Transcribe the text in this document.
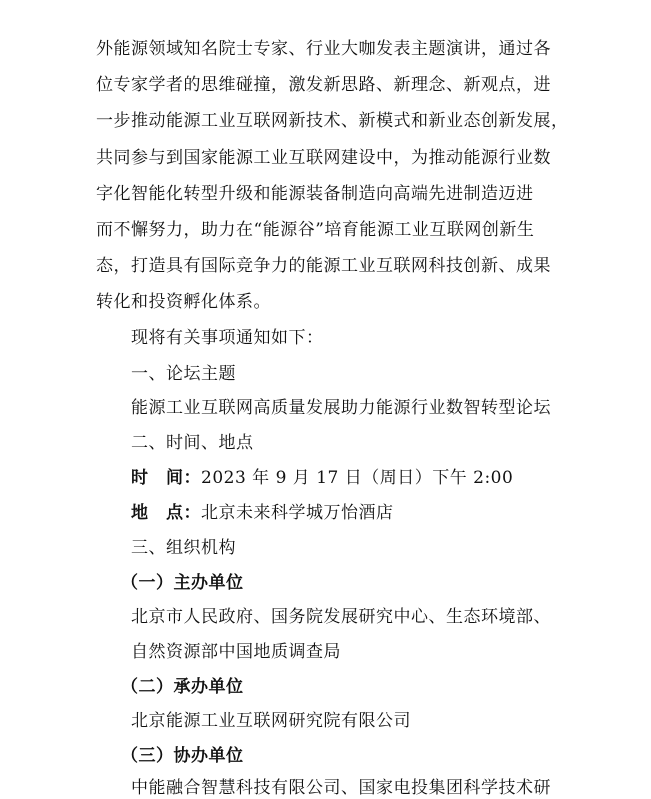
外能源领域知名院士专家、行业大咖发表主题演讲，通过各
位专家学者的思维碰撞，激发新思路、新理念、新观点，进
一步推动能源工业互联网新技术、新模式和新业态创新发展，
共同参与到国家能源工业互联网建设中，为推动能源行业数
字化智能化转型升级和能源装备制造向高端先进制造迈进
而不懈努力，助力在“能源谷”培育能源工业互联网创新生
态，打造具有国际竞争力的能源工业互联网科技创新、成果
转化和投资孵化体系。
现将有关事项通知如下：
一、论坛主题
能源工业互联网高质量发展助力能源行业数智转型论坛
二、时间、地点
时　间：2023 年 9 月 17 日（周日）下午 2:00
地　点：北京未来科学城万怡酒店
三、组织机构
（一）主办单位
北京市人民政府、国务院发展研究中心、生态环境部、
自然资源部中国地质调查局
（二）承办单位
北京能源工业互联网研究院有限公司
（三）协办单位
中能融合智慧科技有限公司、国家电投集团科学技术研
